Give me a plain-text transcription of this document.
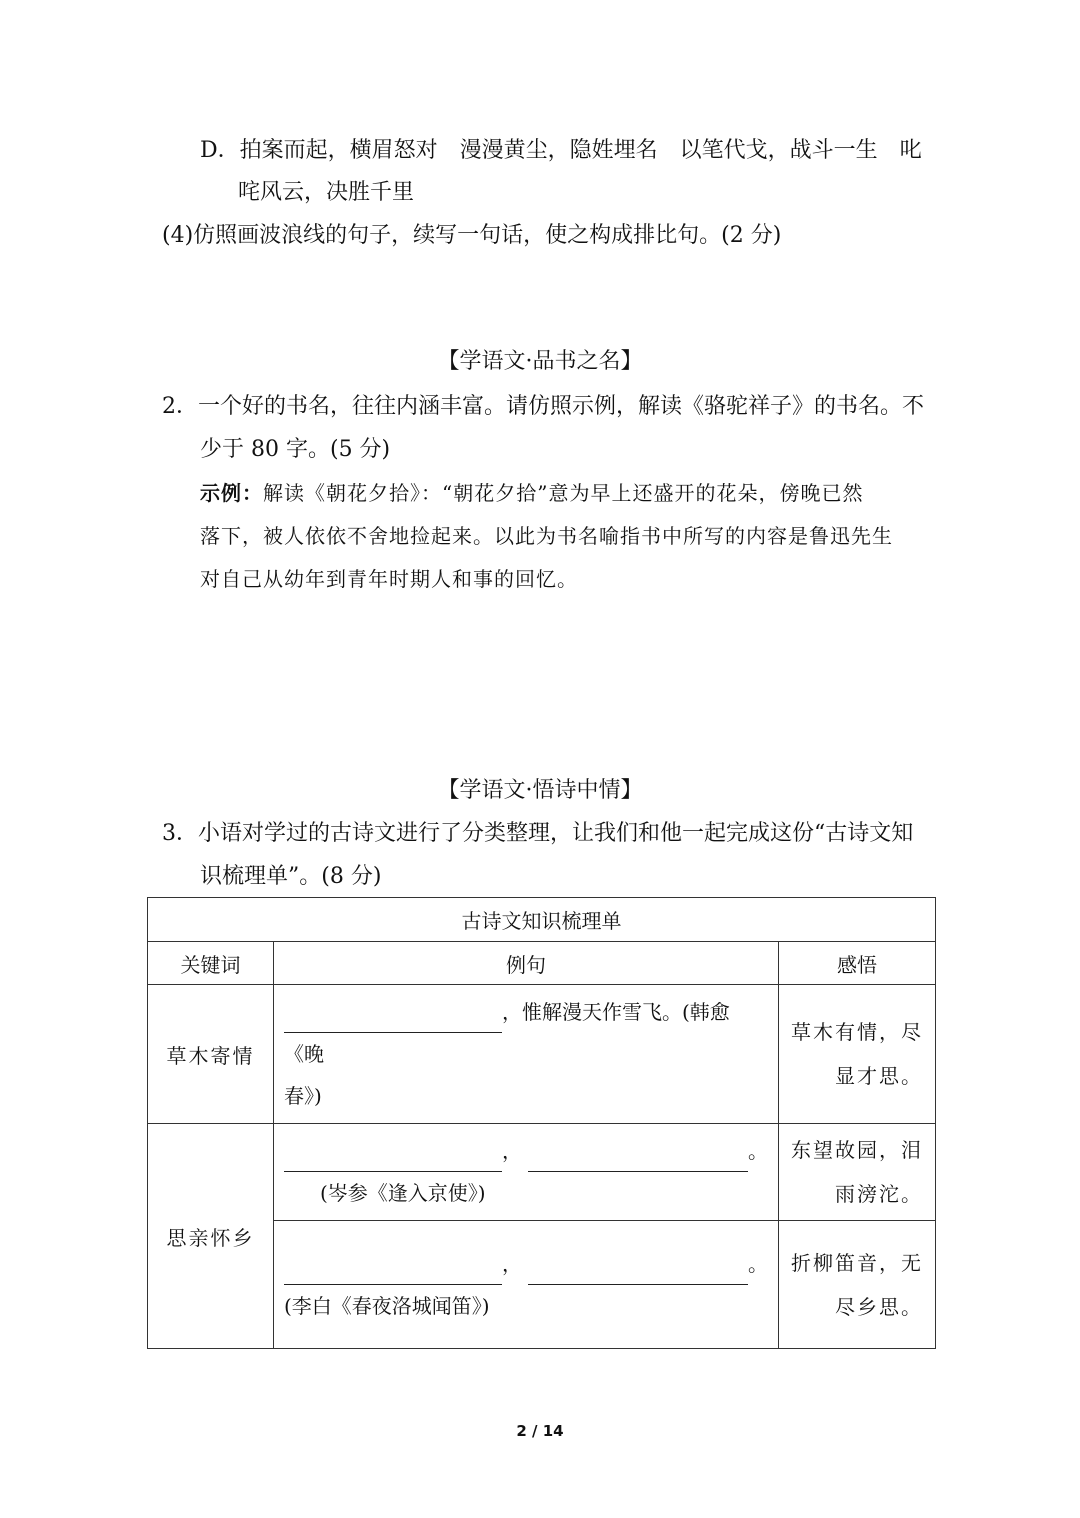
D．拍案而起，横眉怒对　漫漫黄尘，隐姓埋名　以笔代戈，战斗一生　叱
咤风云，决胜千里
(4)仿照画波浪线的句子，续写一句话，使之构成排比句。(2 分)
【学语文·品书之名】
2．一个好的书名，往往内涵丰富。请仿照示例，解读《骆驼祥子》的书名。不
少于 80 字。(5 分)
示例：解读《朝花夕拾》：“朝花夕拾”意为早上还盛开的花朵，傍晚已然
落下，被人依依不舍地捡起来。以此为书名喻指书中所写的内容是鲁迅先生
对自己从幼年到青年时期人和事的回忆。
【学语文·悟诗中情】
3．小语对学过的古诗文进行了分类整理，让我们和他一起完成这份“古诗文知
识梳理单”。(8 分)
古诗文知识梳理单		
关键词	例句	感悟
草木寄情	，惟解漫天作雪飞。(韩愈《晚
春》)	草木有情，尽
显才思。

思亲怀乡	， 。
(岑参《逢入京使》)	东望故园，泪
雨滂沱。

	， 。
(李白《春夜洛城闻笛》)	折柳笛音，无
尽乡思。
2 / 14
